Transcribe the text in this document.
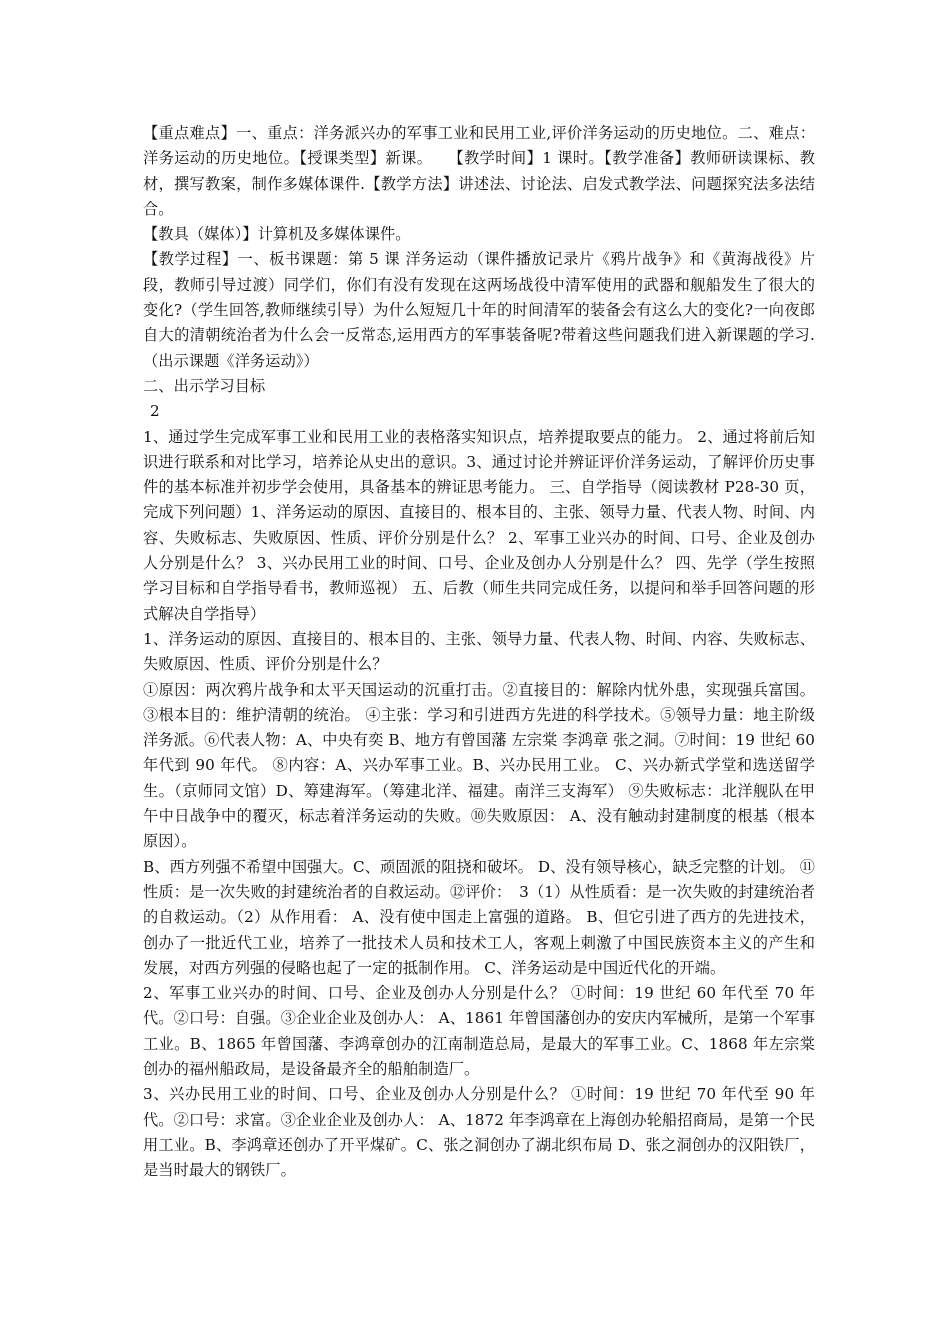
【重点难点】一、重点：洋务派兴办的军事工业和民用工业,评价洋务运动的历史地位。二、难点：洋务运动的历史地位。【授课类型】新课。　　【教学时间】1 课时。【教学准备】教师研读课标、教材，撰写教案，制作多媒体课件.【教学方法】讲述法、讨论法、启发式教学法、问题探究法多法结合。

【教具（媒体）】计算机及多媒体课件。

【教学过程】一、板书课题：第 5 课 洋务运动（课件播放记录片《鸦片战争》和《黄海战役》片段，教师引导过渡）同学们，你们有没有发现在这两场战役中清军使用的武器和舰船发生了很大的变化?（学生回答,教师继续引导）为什么短短几十年的时间清军的装备会有这么大的变化?一向夜郎自大的清朝统治者为什么会一反常态,运用西方的军事装备呢?带着这些问题我们进入新课题的学习.（出示课题《洋务运动》）

二、出示学习目标

2

1、通过学生完成军事工业和民用工业的表格落实知识点，培养提取要点的能力。 2、通过将前后知识进行联系和对比学习，培养论从史出的意识。3、通过讨论并辨证评价洋务运动，了解评价历史事件的基本标准并初步学会使用，具备基本的辨证思考能力。 三、自学指导（阅读教材 P28-30 页，完成下列问题）1、洋务运动的原因、直接目的、根本目的、主张、领导力量、代表人物、时间、内容、失败标志、失败原因、性质、评价分别是什么？ 2、军事工业兴办的时间、口号、企业及创办人分别是什么？ 3、兴办民用工业的时间、口号、企业及创办人分别是什么？ 四、先学（学生按照学习目标和自学指导看书，教师巡视） 五、后教（师生共同完成任务，以提问和举手回答问题的形式解决自学指导）

1、洋务运动的原因、直接目的、根本目的、主张、领导力量、代表人物、时间、内容、失败标志、失败原因、性质、评价分别是什么？

①原因：两次鸦片战争和太平天国运动的沉重打击。②直接目的：解除内忧外患，实现强兵富国。③根本目的：维护清朝的统治。 ④主张：学习和引进西方先进的科学技术。⑤领导力量：地主阶级洋务派。⑥代表人物：A、中央有奕 B、地方有曾国藩 左宗棠 李鸿章 张之洞。⑦时间：19 世纪 60 年代到 90 年代。 ⑧内容：A、兴办军事工业。B、兴办民用工业。 C、兴办新式学堂和选送留学生。（京师同文馆）D、筹建海军。（筹建北洋、福建。南洋三支海军） ⑨失败标志：北洋舰队在甲午中日战争中的覆灭，标志着洋务运动的失败。⑩失败原因： A、没有触动封建制度的根基（根本原因）。

B、西方列强不希望中国强大。C、顽固派的阻挠和破坏。 D、没有领导核心，缺乏完整的计划。 ⑪性质：是一次失败的封建统治者的自救运动。⑫评价：　3（1）从性质看：是一次失败的封建统治者的自救运动。（2）从作用看： A、没有使中国走上富强的道路。 B、但它引进了西方的先进技术，创办了一批近代工业，培养了一批技术人员和技术工人，客观上刺激了中国民族资本主义的产生和发展，对西方列强的侵略也起了一定的抵制作用。 C、洋务运动是中国近代化的开端。

2、军事工业兴办的时间、口号、企业及创办人分别是什么？ ①时间：19 世纪 60 年代至 70 年代。②口号：自强。③企业企业及创办人： A、1861 年曾国藩创办的安庆内军械所，是第一个军事工业。B、1865 年曾国藩、李鸿章创办的江南制造总局，是最大的军事工业。C、1868 年左宗棠创办的福州船政局，是设备最齐全的船舶制造厂。

3、兴办民用工业的时间、口号、企业及创办人分别是什么？ ①时间：19 世纪 70 年代至 90 年代。②口号：求富。③企业企业及创办人： A、1872 年李鸿章在上海创办轮船招商局，是第一个民用工业。B、李鸿章还创办了开平煤矿。C、张之洞创办了湖北织布局 D、张之洞创办的汉阳铁厂，是当时最大的钢铁厂。
